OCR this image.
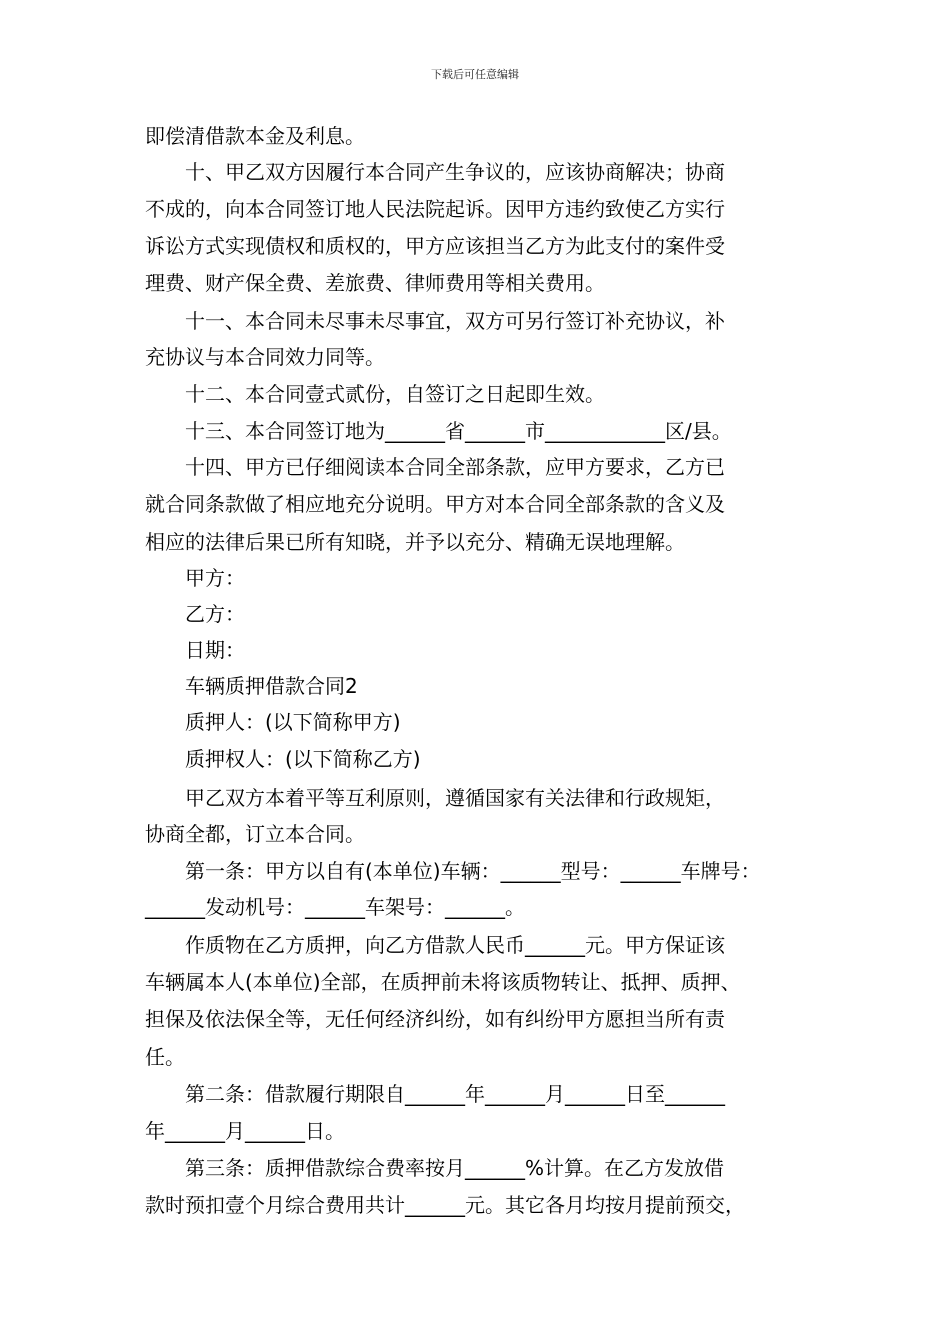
下载后可任意编辑
即偿清借款本金及利息。
　　十、甲乙双方因履行本合同产生争议的，应该协商解决；协商
不成的，向本合同签订地人民法院起诉。因甲方违约致使乙方实行
诉讼方式实现债权和质权的，甲方应该担当乙方为此支付的案件受
理费、财产保全费、差旅费、律师费用等相关费用。
　　十一、本合同未尽事未尽事宜，双方可另行签订补充协议，补
充协议与本合同效力同等。
　　十二、本合同壹式贰份，自签订之日起即生效。
　　十三、本合同签订地为______省______市____________区/县。
　　十四、甲方已仔细阅读本合同全部条款，应甲方要求，乙方已
就合同条款做了相应地充分说明。甲方对本合同全部条款的含义及
相应的法律后果已所有知晓，并予以充分、精确无误地理解。
　　甲方：
　　乙方：
　　日期：
　　车辆质押借款合同2
　　质押人：(以下简称甲方)
　　质押权人：(以下简称乙方)
　　甲乙双方本着平等互利原则，遵循国家有关法律和行政规矩，
协商全都，订立本合同。
　　第一条：甲方以自有(本单位)车辆：______型号：______车牌号：
______发动机号：______车架号：______。
　　作质物在乙方质押，向乙方借款人民币______元。甲方保证该
车辆属本人(本单位)全部，在质押前未将该质物转让、抵押、质押、
担保及依法保全等，无任何经济纠纷，如有纠纷甲方愿担当所有责
任。
　　第二条：借款履行期限自______年______月______日至______
年______月______日。
　　第三条：质押借款综合费率按月______%计算。在乙方发放借
款时预扣壹个月综合费用共计______元。其它各月均按月提前预交，
